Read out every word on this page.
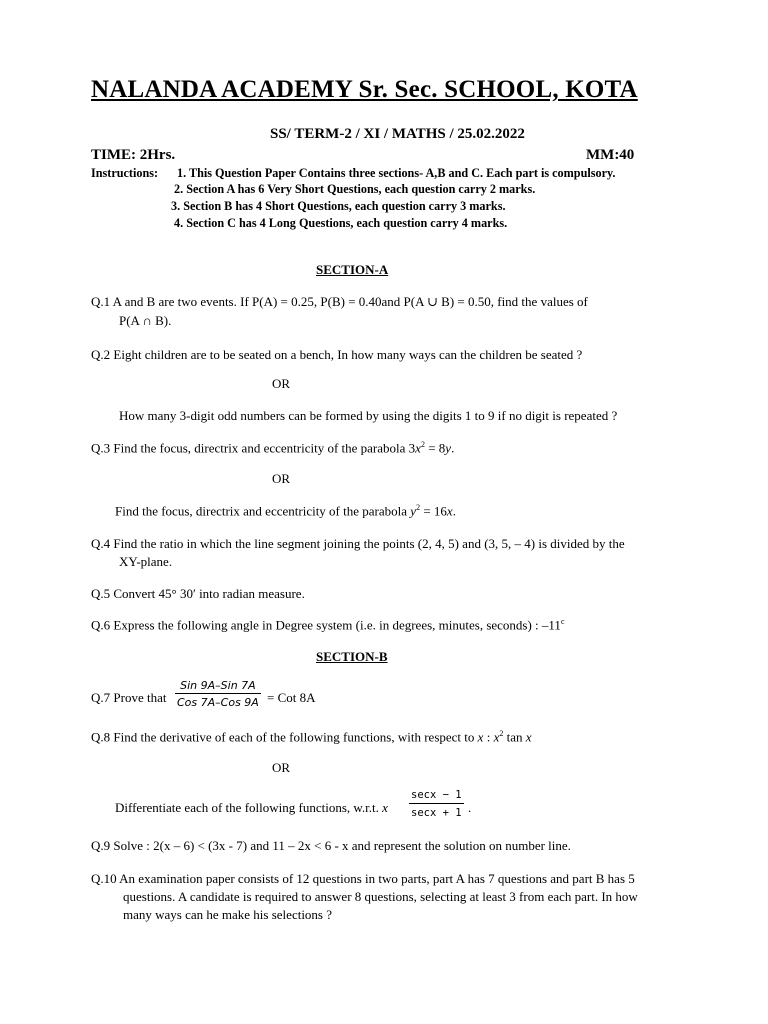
NALANDA ACADEMY Sr. Sec. SCHOOL, KOTA
SS/ TERM-2 / XI / MATHS / 25.02.2022
TIME: 2Hrs.	MM:40
Instructions: 1. This Question Paper Contains three sections- A,B and C. Each part is compulsory.
2. Section A has 6 Very Short Questions, each question carry 2 marks.
3. Section B has 4 Short Questions, each question carry 3 marks.
4. Section C has 4 Long Questions, each question carry 4 marks.
SECTION-A
Q.1 A and B are two events. If P(A) = 0.25, P(B) = 0.40and P(A ∪ B) = 0.50, find the values of
P(A ∩ B).
Q.2 Eight children are to be seated on a bench, In how many ways can the children be seated ?
OR
How many 3-digit odd numbers can be formed by using the digits 1 to 9 if no digit is repeated ?
Q.3 Find the focus, directrix and eccentricity of the parabola $3x^2 = 8y$.
OR
Find the focus, directrix and eccentricity of the parabola $y^2 = 16x$.
Q.4 Find the ratio in which the line segment joining the points (2, 4, 5) and (3, 5, – 4) is divided by the
XY-plane.
Q.5 Convert 45° 30′ into radian measure.
Q.6 Express the following angle in Degree system (i.e. in degrees, minutes, seconds) : –11$^c$
SECTION-B
Q.7 Prove that
Sin 9A–Sin 7A
Cos 7A–Cos 9A = Cot 8A
Q.8 Find the derivative of each of the following functions, with respect to x : $x^2$ tan x
OR
Differentiate each of the following functions, w.r.t. x
secx − 1
secx + 1 .
Q.9 Solve : 2(x – 6) < (3x - 7) and 11 – 2x < 6 - x and represent the solution on number line.
Q.10 An examination paper consists of 12 questions in two parts, part A has 7 questions and part B has 5
questions. A candidate is required to answer 8 questions, selecting at least 3 from each part. In how
many ways can he make his selections ?
